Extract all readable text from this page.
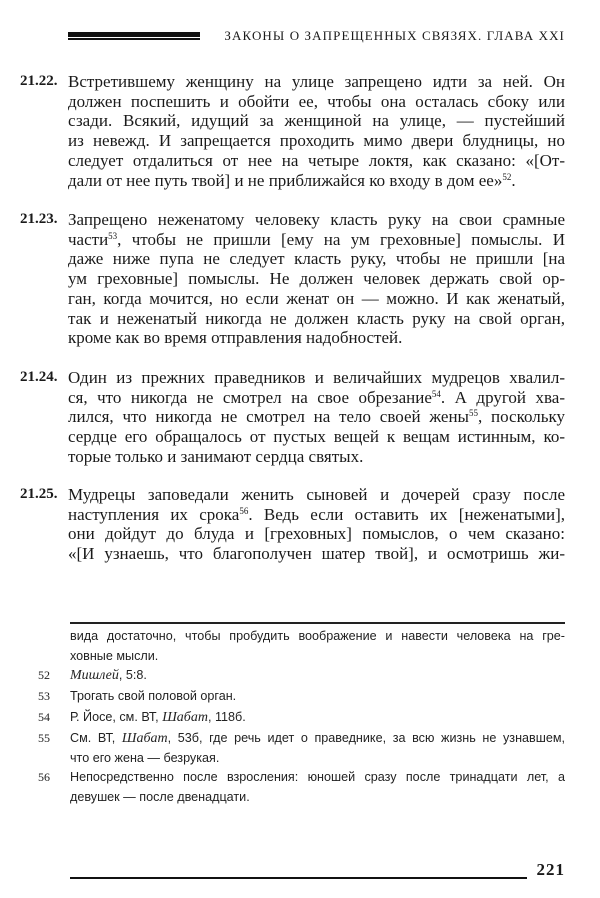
ЗАКОНЫ О ЗАПРЕЩЕННЫХ СВЯЗЯХ. ГЛАВА XXI
21.22. Встретившему женщину на улице запрещено идти за ней. Он
должен поспешить и обойти ее, чтобы она осталась сбоку или
сзади. Всякий, идущий за женщиной на улице, — пустейший
из невежд. И запрещается проходить мимо двери блудницы, но
следует отдалиться от нее на четыре локтя, как сказано: «[От-
дали от нее путь твой] и не приближайся ко входу в дом ее»$^{52}$.
21.23. Запрещено неженатому человеку класть руку на свои срамные
части$^{53}$, чтобы не пришли [ему на ум греховные] помыслы. И
даже ниже пупа не следует класть руку, чтобы не пришли [на
ум греховные] помыслы. Не должен человек держать свой ор-
ган, когда мочится, но если женат он — можно. И как женатый,
так и неженатый никогда не должен класть руку на свой орган,
кроме как во время отправления надобностей.
21.24. Один из прежних праведников и величайших мудрецов хвалил-
ся, что никогда не смотрел на свое обрезание$^{54}$. А другой хва-
лился, что никогда не смотрел на тело своей жены$^{55}$, поскольку
сердце его обращалось от пустых вещей к вещам истинным, ко-
торые только и занимают сердца святых.
21.25. Мудрецы заповедали женить сыновей и дочерей сразу после
наступления их срока$^{56}$. Ведь если оставить их [неженатыми],
они дойдут до блуда и [греховных] помыслов, о чем сказано:
«[И узнаешь, что благополучен шатер твой], и осмотришь жи-
вида достаточно, чтобы пробудить воображение и навести человека на гре-
ховные мысли.
52 Мишлей, 5:8.
53 Трогать свой половой орган.
54 Р. Йосе, см. ВТ, Шабат, 118б.
55 См. ВТ, Шабат, 53б, где речь идет о праведнике, за всю жизнь не узнавшем,
что его жена — безрукая.
56 Непосредственно после взросления: юношей сразу после тринадцати лет, а
девушек — после двенадцати.
221
